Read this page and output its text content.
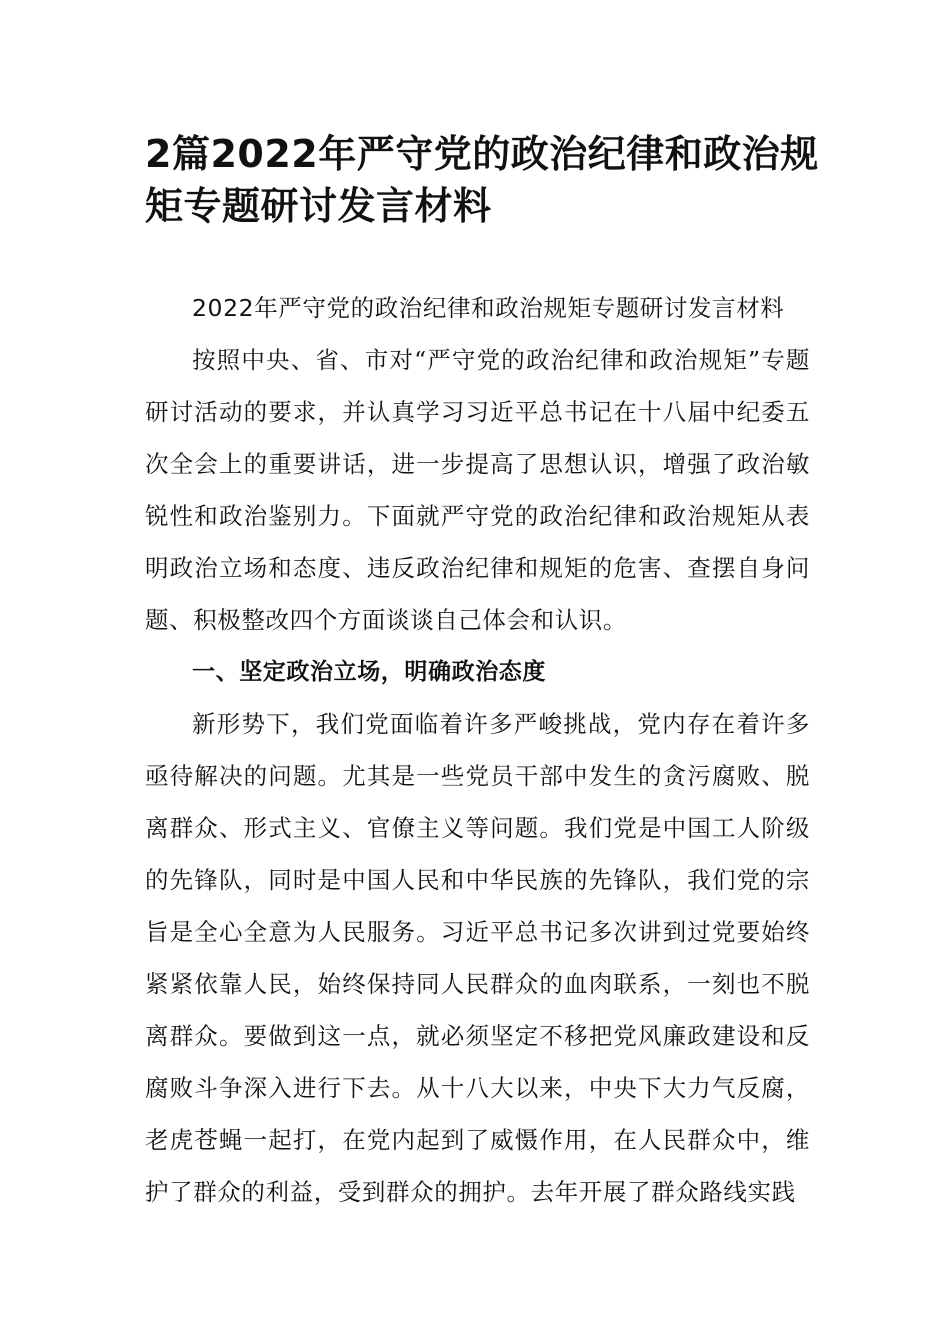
2篇2022年严守党的政治纪律和政治规矩专题研讨发言材料

2022年严守党的政治纪律和政治规矩专题研讨发言材料

按照中央、省、市对“严守党的政治纪律和政治规矩”专题研讨活动的要求，并认真学习习近平总书记在十八届中纪委五次全会上的重要讲话，进一步提高了思想认识，增强了政治敏锐性和政治鉴别力。下面就严守党的政治纪律和政治规矩从表明政治立场和态度、违反政治纪律和规矩的危害、查摆自身问题、积极整改四个方面谈谈自己体会和认识。

一、坚定政治立场，明确政治态度

新形势下，我们党面临着许多严峻挑战，党内存在着许多亟待解决的问题。尤其是一些党员干部中发生的贪污腐败、脱离群众、形式主义、官僚主义等问题。我们党是中国工人阶级的先锋队，同时是中国人民和中华民族的先锋队，我们党的宗旨是全心全意为人民服务。习近平总书记多次讲到过党要始终紧紧依靠人民，始终保持同人民群众的血肉联系，一刻也不脱离群众。要做到这一点，就必须坚定不移把党风廉政建设和反腐败斗争深入进行下去。从十八大以来，中央下大力气反腐，老虎苍蝇一起打，在党内起到了威慑作用，在人民群众中，维护了群众的利益，受到群众的拥护。去年开展了群众路线实践
